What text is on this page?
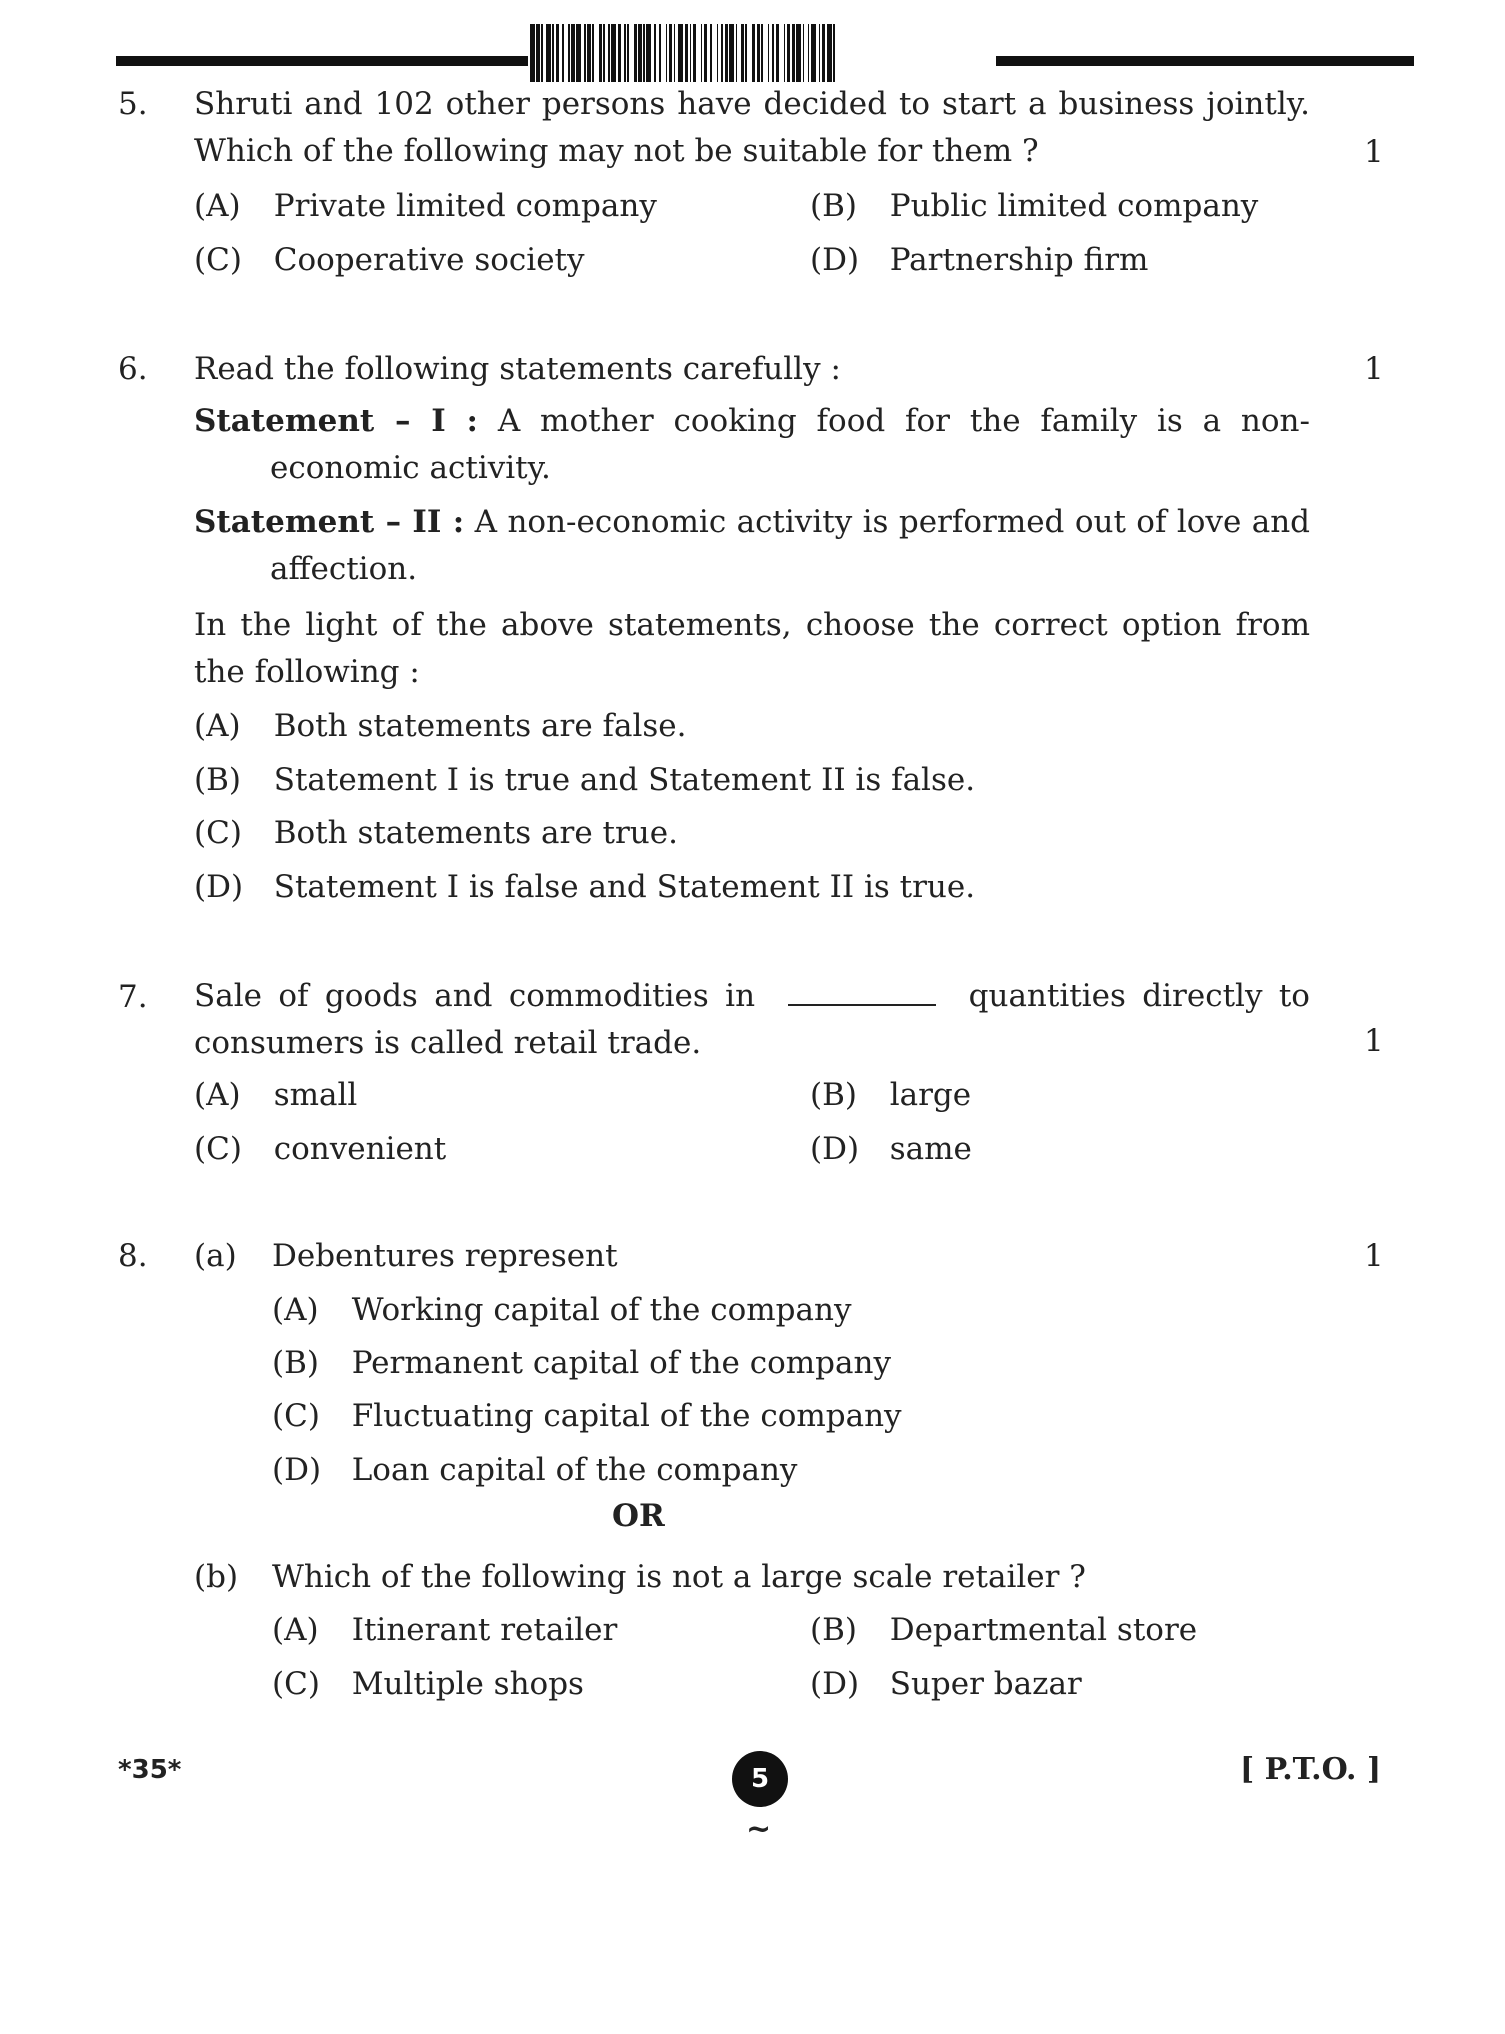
5. Shruti and 102 other persons have decided to start a business jointly. Which of the following may not be suitable for them ?	1
(A) Private limited company	(B) Public limited company
(C) Cooperative society	(D) Partnership firm
6. Read the following statements carefully :	1
Statement – I : A mother cooking food for the family is a non-economic activity.
Statement – II : A non-economic activity is performed out of love and affection.
In the light of the above statements, choose the correct option from the following :
(A) Both statements are false.
(B) Statement I is true and Statement II is false.
(C) Both statements are true.
(D) Statement I is false and Statement II is true.
7. Sale of goods and commodities in	quantities directly to consumers is called retail trade.	1
(A) small	(B) large
(C) convenient	(D) same
8. (a) Debentures represent	1
(A) Working capital of the company
(B) Permanent capital of the company
(C) Fluctuating capital of the company
(D) Loan capital of the company
OR
(b) Which of the following is not a large scale retailer ?
(A) Itinerant retailer	(B) Departmental store
(C) Multiple shops	(D) Super bazar
*35*	5
~
[ P.T.O. ]
